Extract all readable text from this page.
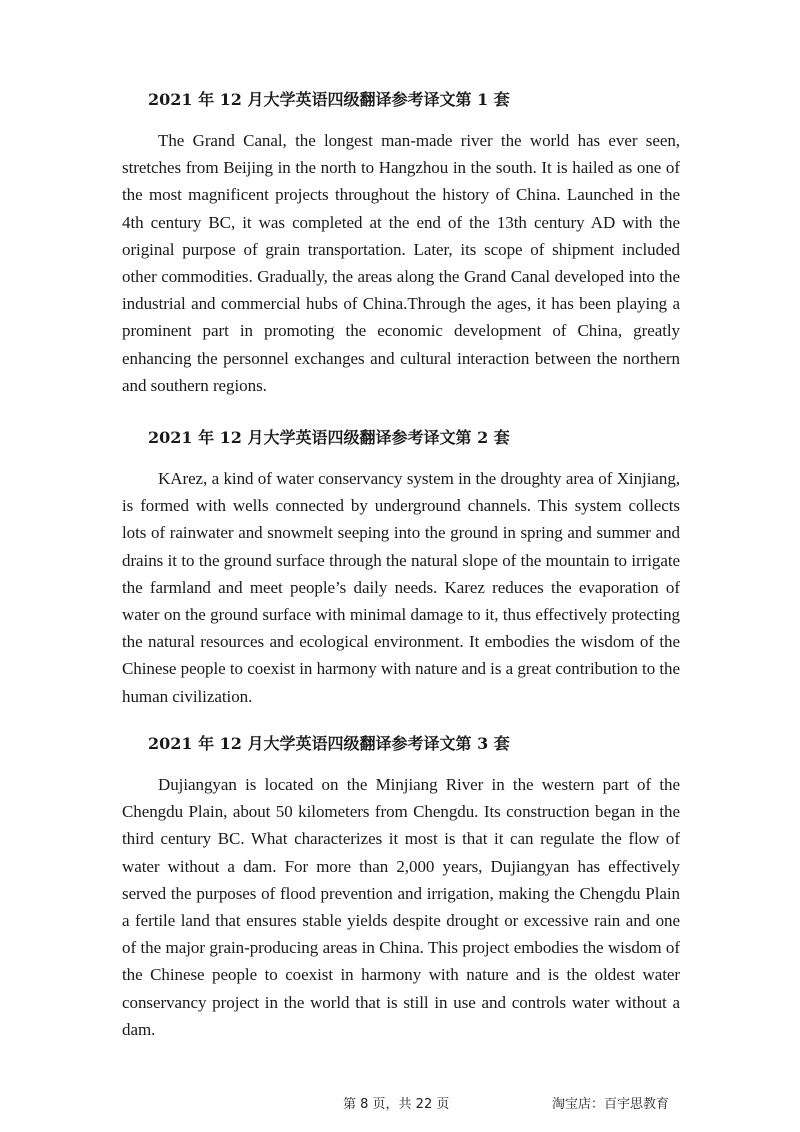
2021 年 12 月大学英语四级翻译参考译文第 1 套

The Grand Canal, the longest man-made river the world has ever seen, stretches from Beijing in the north to Hangzhou in the south. It is hailed as one of the most magnificent projects throughout the history of China. Launched in the 4th century BC, it was completed at the end of the 13th century AD with the original purpose of grain transportation. Later, its scope of shipment included other commodities. Gradually, the areas along the Grand Canal developed into the industrial and commercial hubs of China.Through the ages, it has been playing a prominent part in promoting the economic development of China, greatly enhancing the personnel exchanges and cultural interaction between the northern and southern regions.

2021 年 12 月大学英语四级翻译参考译文第 2 套

KArez, a kind of water conservancy system in the droughty area of Xinjiang, is formed with wells connected by underground channels. This system collects lots of rainwater and snowmelt seeping into the ground in spring and summer and drains it to the ground surface through the natural slope of the mountain to irrigate the farmland and meet people’s daily needs. Karez reduces the evaporation of water on the ground surface with minimal damage to it, thus effectively protecting the natural resources and ecological environment. It embodies the wisdom of the Chinese people to coexist in harmony with nature and is a great contribution to the human civilization.

2021 年 12 月大学英语四级翻译参考译文第 3 套

Dujiangyan is located on the Minjiang River in the western part of the Chengdu Plain, about 50 kilometers from Chengdu. Its construction began in the third century BC. What characterizes it most is that it can regulate the flow of water without a dam. For more than 2,000 years, Dujiangyan has effectively served the purposes of flood prevention and irrigation, making the Chengdu Plain a fertile land that ensures stable yields despite drought or excessive rain and one of the major grain-producing areas in China. This project embodies the wisdom of the Chinese people to coexist in harmony with nature and is the oldest water conservancy project in the world that is still in use and controls water without a dam.

第 8 页，共 22 页	淘宝店：百宇思教育
